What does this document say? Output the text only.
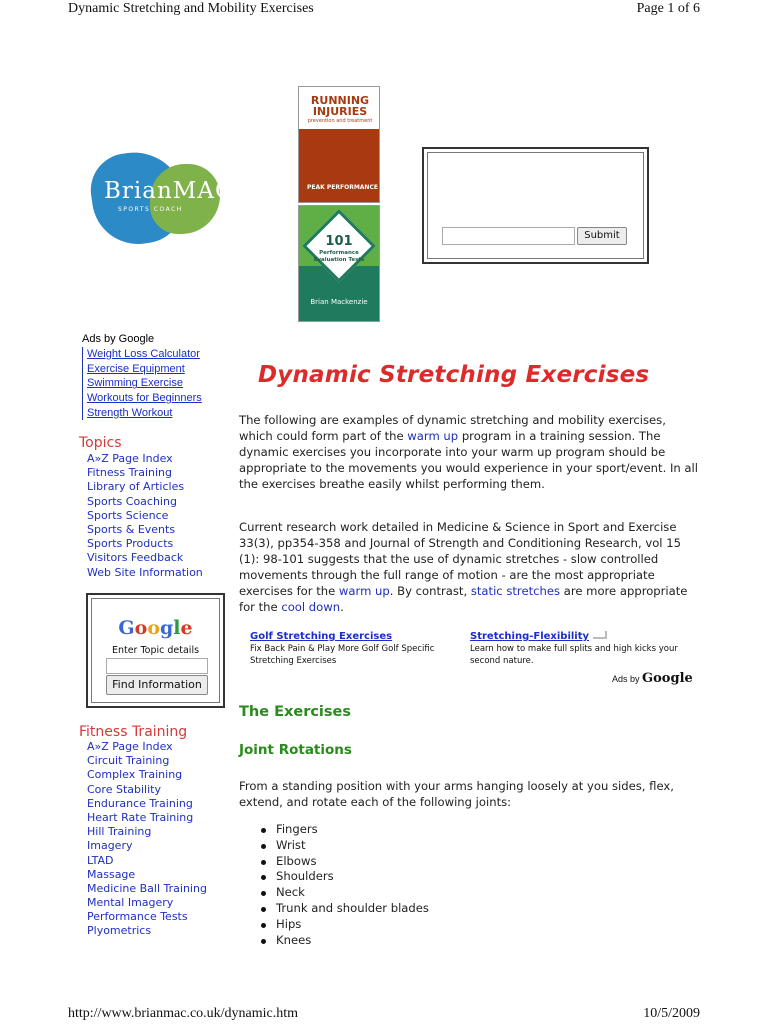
Dynamic Stretching and Mobility Exercises	Page 1 of 6
BrianMAC
SPORTS COACH
RUNNING INJURIES
prevention and treatment
PEAK PERFORMANCE
101
Performance Evaluation Tests
Brian Mackenzie
Submit
Ads by Google
Weight Loss Calculator
Exercise Equipment
Swimming Exercise
Workouts for Beginners
Strength Workout
Topics
A»Z Page Index
Fitness Training
Library of Articles
Sports Coaching
Sports Science
Sports & Events
Sports Products
Visitors Feedback
Web Site Information
Google
Enter Topic details
Find Information
Fitness Training
A»Z Page Index
Circuit Training
Complex Training
Core Stability
Endurance Training
Heart Rate Training
Hill Training
Imagery
LTAD
Massage
Medicine Ball Training
Mental Imagery
Performance Tests
Plyometrics
Dynamic Stretching Exercises

The following are examples of dynamic stretching and mobility exercises, which could form part of the warm up program in a training session. The dynamic exercises you incorporate into your warm up program should be appropriate to the movements you would experience in your sport/event. In all the exercises breathe easily whilst performing them.

Current research work detailed in Medicine & Science in Sport and Exercise 33(3), pp354-358 and Journal of Strength and Conditioning Research, vol 15 (1): 98-101 suggests that the use of dynamic stretches - slow controlled movements through the full range of motion - are the most appropriate exercises for the warm up. By contrast, static stretches are more appropriate for the cool down.

Golf Stretching Exercises
Fix Back Pain & Play More Golf Golf Specific Stretching Exercises
Stretching-Flexibility
Learn how to make full splits and high kicks your second nature.
Ads by Google
The Exercises
Joint Rotations

From a standing position with your arms hanging loosely at you sides, flex, extend, and rotate each of the following joints:

Fingers
Wrist
Elbows
Shoulders
Neck
Trunk and shoulder blades
Hips
Knees
http://www.brianmac.co.uk/dynamic.htm	10/5/2009
